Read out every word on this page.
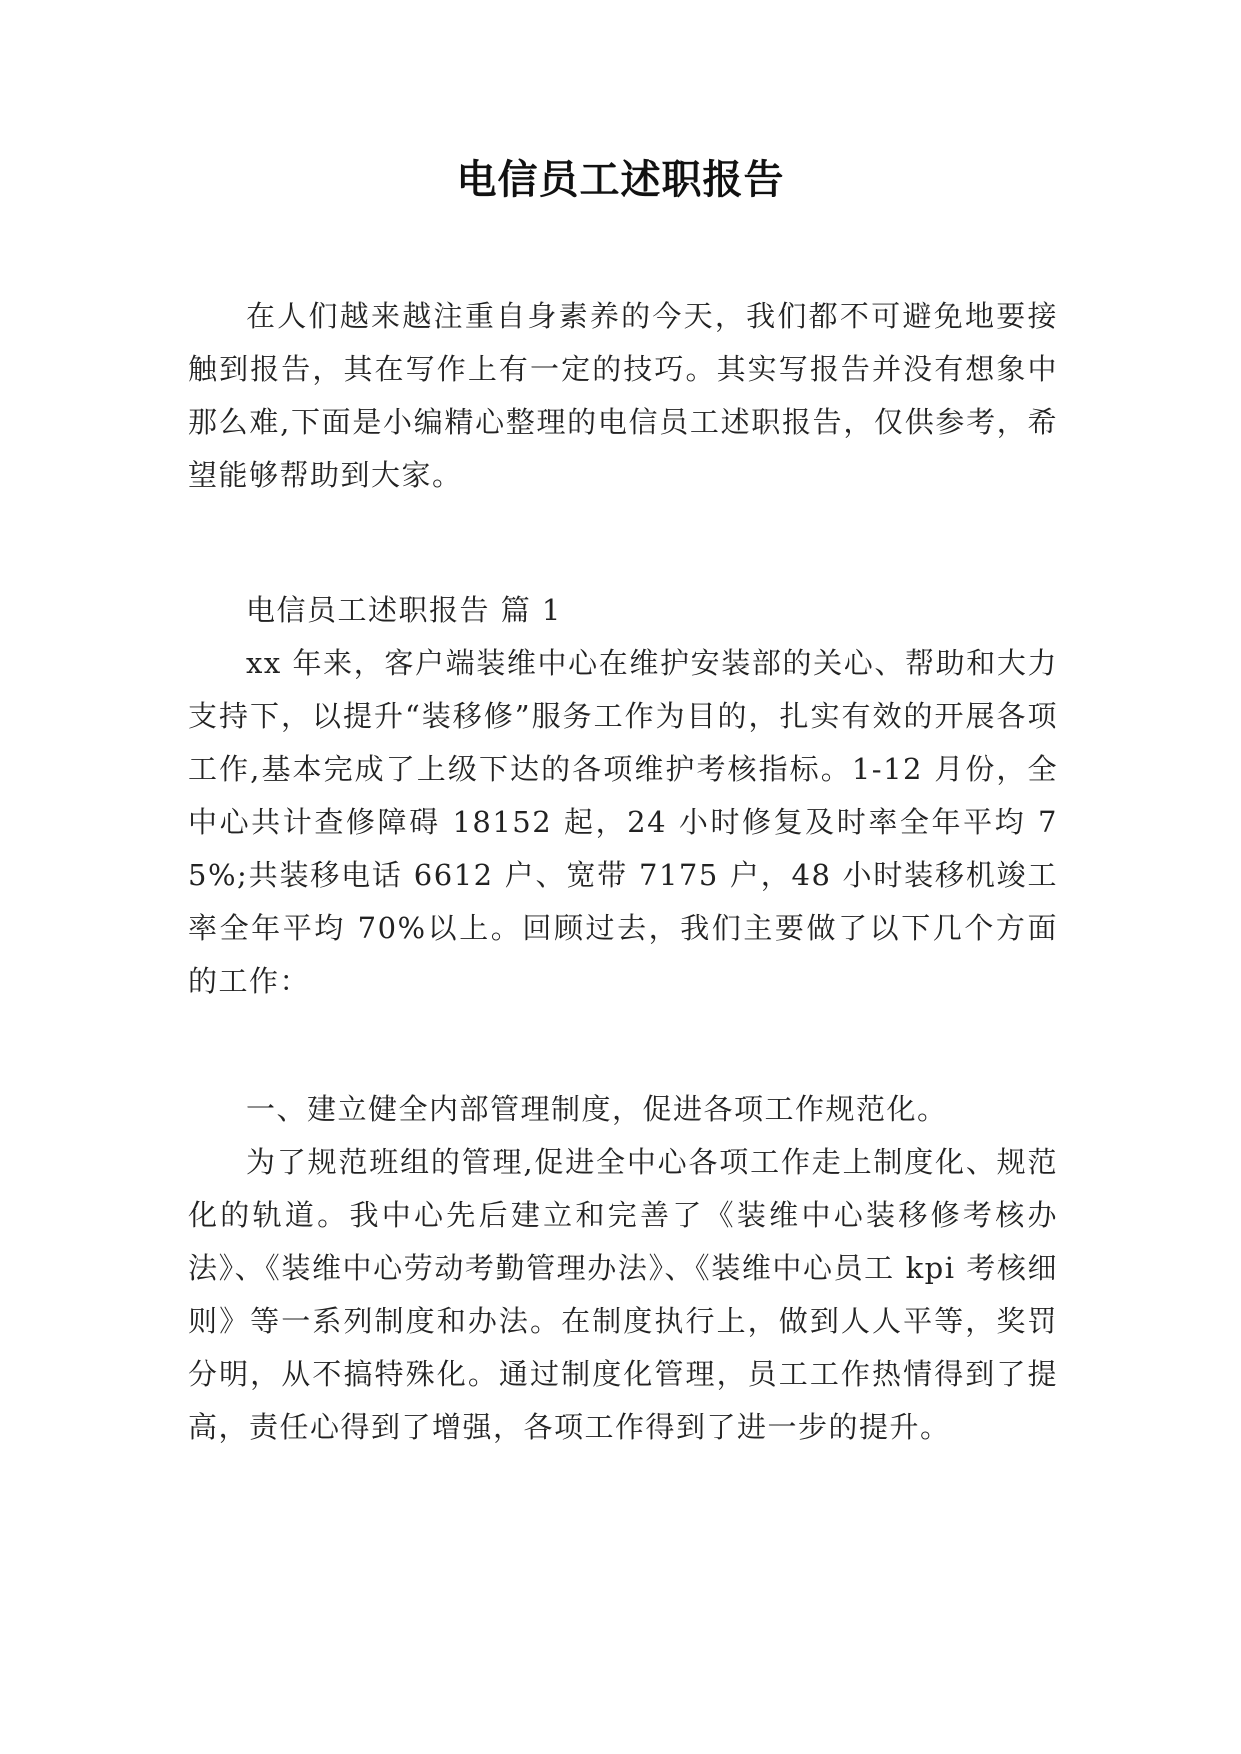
电信员工述职报告

在人们越来越注重自身素养的今天，我们都不可避免地要接触到报告，其在写作上有一定的技巧。其实写报告并没有想象中那么难,下面是小编精心整理的电信员工述职报告，仅供参考，希望能够帮助到大家。

电信员工述职报告 篇 1

xx 年来，客户端装维中心在维护安装部的关心、帮助和大力支持下，以提升“装移修”服务工作为目的，扎实有效的开展各项工作,基本完成了上级下达的各项维护考核指标。1-12 月份，全中心共计查修障碍 18152 起，24 小时修复及时率全年平均 75%;共装移电话 6612 户、宽带 7175 户，48 小时装移机竣工率全年平均 70%以上。回顾过去，我们主要做了以下几个方面的工作：

一、建立健全内部管理制度，促进各项工作规范化。

为了规范班组的管理,促进全中心各项工作走上制度化、规范化的轨道。我中心先后建立和完善了《装维中心装移修考核办法》、《装维中心劳动考勤管理办法》、《装维中心员工 kpi 考核细则》等一系列制度和办法。在制度执行上，做到人人平等，奖罚分明，从不搞特殊化。通过制度化管理，员工工作热情得到了提高，责任心得到了增强，各项工作得到了进一步的提升。
